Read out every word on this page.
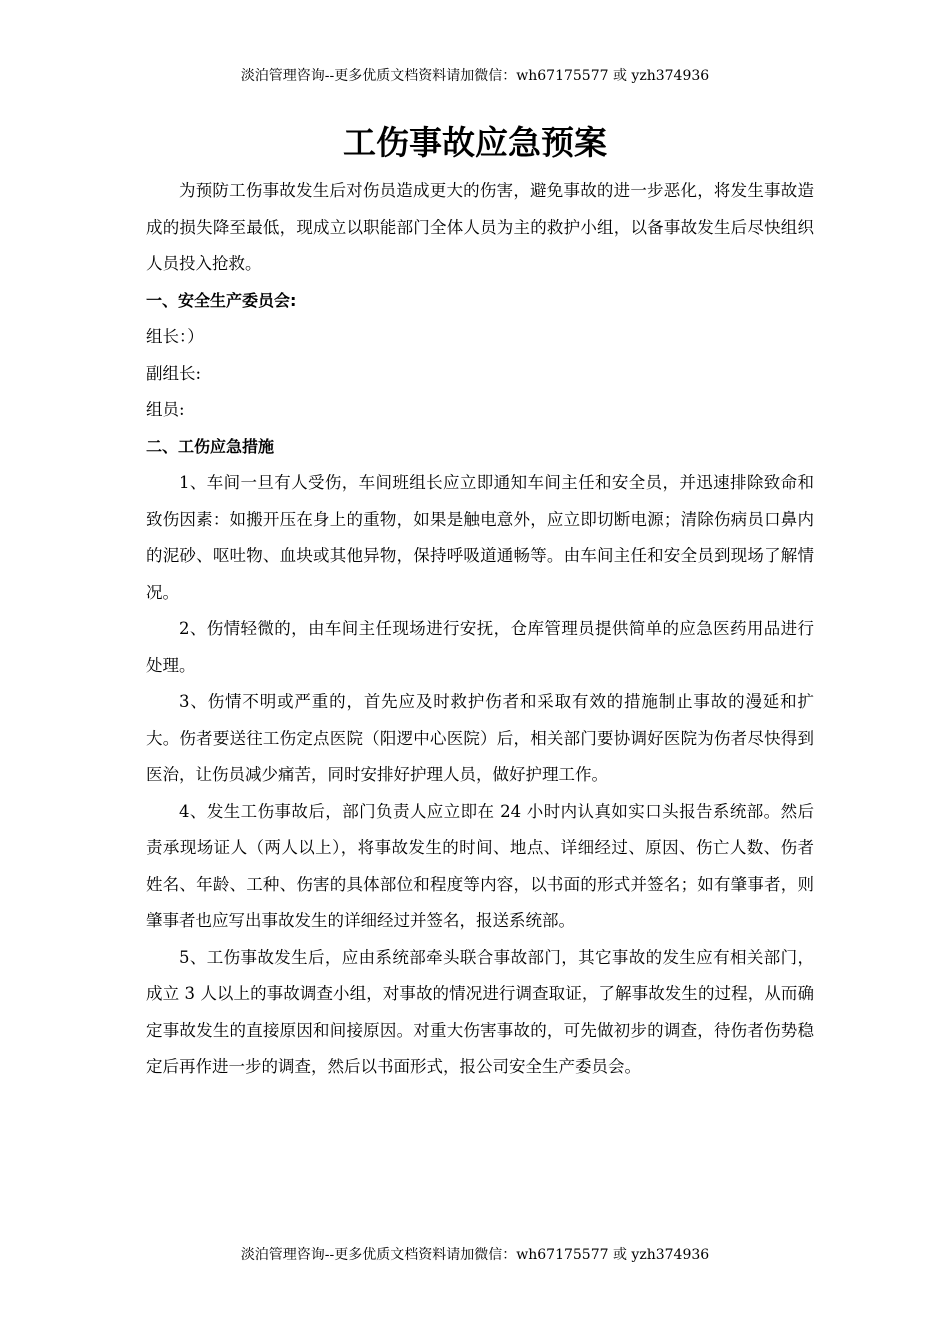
淡泊管理咨询--更多优质文档资料请加微信：wh67175577 或 yzh374936
工伤事故应急预案

为预防工伤事故发生后对伤员造成更大的伤害，避免事故的进一步恶化，将发生事故造成的损失降至最低，现成立以职能部门全体人员为主的救护小组，以备事故发生后尽快组织人员投入抢救。

一、安全生产委员会:

组长：）

副组长:

组员:

二、工伤应急措施

1、车间一旦有人受伤，车间班组长应立即通知车间主任和安全员，并迅速排除致命和致伤因素：如搬开压在身上的重物，如果是触电意外，应立即切断电源；清除伤病员口鼻内的泥砂、呕吐物、血块或其他异物，保持呼吸道通畅等。由车间主任和安全员到现场了解情况。

2、伤情轻微的，由车间主任现场进行安抚，仓库管理员提供简单的应急医药用品进行处理。

3、伤情不明或严重的，首先应及时救护伤者和采取有效的措施制止事故的漫延和扩大。伤者要送往工伤定点医院（阳逻中心医院）后，相关部门要协调好医院为伤者尽快得到医治，让伤员减少痛苦，同时安排好护理人员，做好护理工作。

4、发生工伤事故后，部门负责人应立即在 24 小时内认真如实口头报告系统部。然后责承现场证人（两人以上），将事故发生的时间、地点、详细经过、原因、伤亡人数、伤者姓名、年龄、工种、伤害的具体部位和程度等内容，以书面的形式并签名；如有肇事者，则肇事者也应写出事故发生的详细经过并签名，报送系统部。

5、工伤事故发生后，应由系统部牵头联合事故部门，其它事故的发生应有相关部门，成立 3 人以上的事故调查小组，对事故的情况进行调查取证，了解事故发生的过程，从而确定事故发生的直接原因和间接原因。对重大伤害事故的，可先做初步的调查，待伤者伤势稳定后再作进一步的调查，然后以书面形式，报公司安全生产委员会。

淡泊管理咨询--更多优质文档资料请加微信：wh67175577 或 yzh374936
